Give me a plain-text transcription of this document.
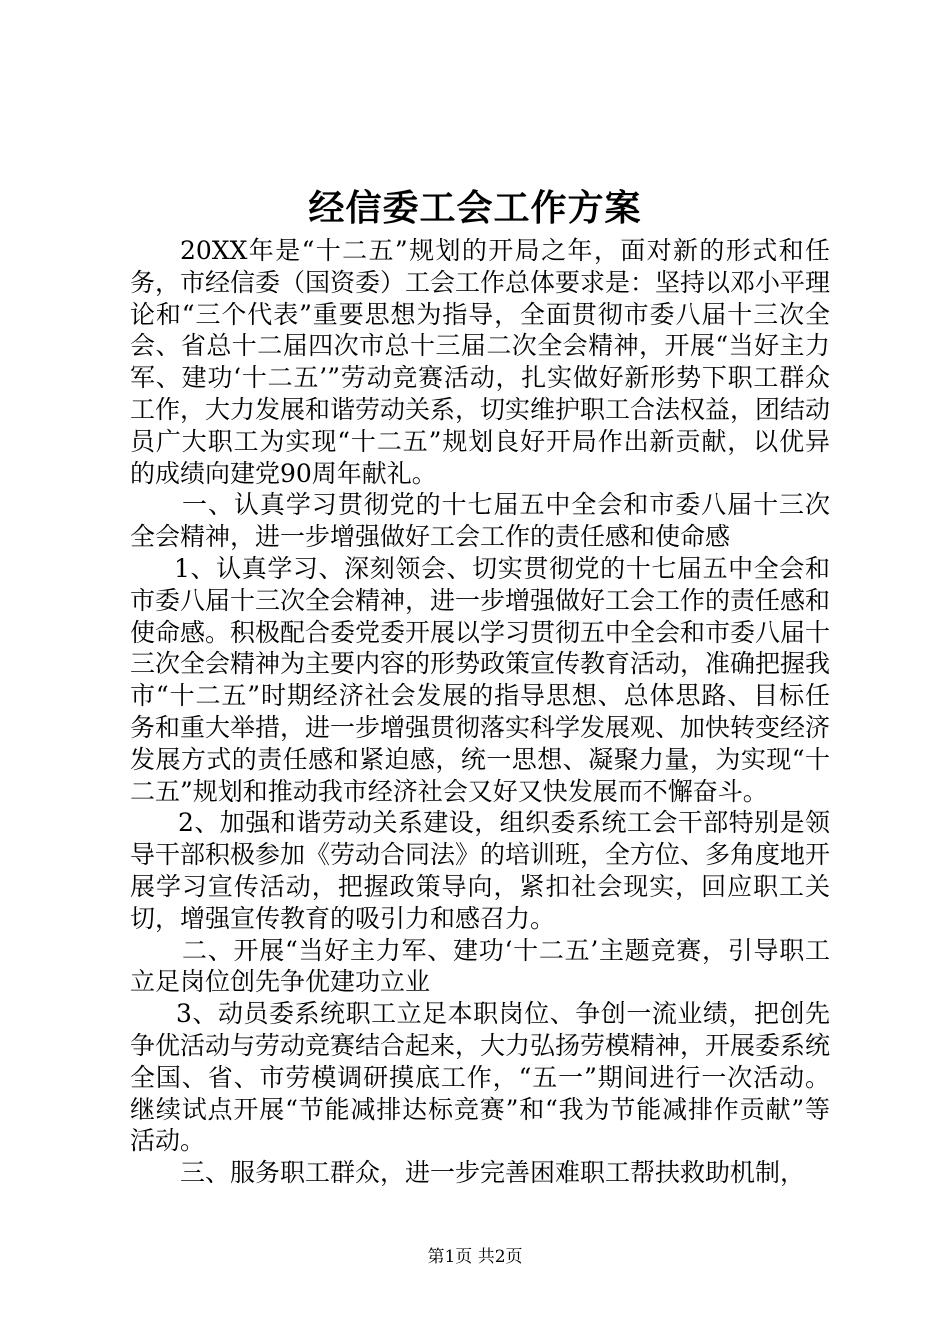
经信委工会工作方案

20XX年是“十二五”规划的开局之年，面对新的形式和任务，市经信委（国资委）工会工作总体要求是：坚持以邓小平理论和“三个代表”重要思想为指导，全面贯彻市委八届十三次全会、省总十二届四次市总十三届二次全会精神，开展“当好主力军、建功‘十二五’”劳动竞赛活动，扎实做好新形势下职工群众工作，大力发展和谐劳动关系，切实维护职工合法权益，团结动员广大职工为实现“十二五”规划良好开局作出新贡献，以优异的成绩向建党90周年献礼。

一、认真学习贯彻党的十七届五中全会和市委八届十三次全会精神，进一步增强做好工会工作的责任感和使命感

1、认真学习、深刻领会、切实贯彻党的十七届五中全会和市委八届十三次全会精神，进一步增强做好工会工作的责任感和使命感。积极配合委党委开展以学习贯彻五中全会和市委八届十三次全会精神为主要内容的形势政策宣传教育活动，准确把握我市“十二五”时期经济社会发展的指导思想、总体思路、目标任务和重大举措，进一步增强贯彻落实科学发展观、加快转变经济发展方式的责任感和紧迫感，统一思想、凝聚力量，为实现“十二五”规划和推动我市经济社会又好又快发展而不懈奋斗。

2、加强和谐劳动关系建设，组织委系统工会干部特别是领导干部积极参加《劳动合同法》的培训班，全方位、多角度地开展学习宣传活动，把握政策导向，紧扣社会现实，回应职工关切，增强宣传教育的吸引力和感召力。

二、开展“当好主力军、建功‘十二五’主题竞赛，引导职工立足岗位创先争优建功立业

3、动员委系统职工立足本职岗位、争创一流业绩，把创先争优活动与劳动竞赛结合起来，大力弘扬劳模精神，开展委系统全国、省、市劳模调研摸底工作，“五一”期间进行一次活动。继续试点开展“节能减排达标竞赛”和“我为节能减排作贡献”等活动。

三、服务职工群众，进一步完善困难职工帮扶救助机制，

第1页 共2页
